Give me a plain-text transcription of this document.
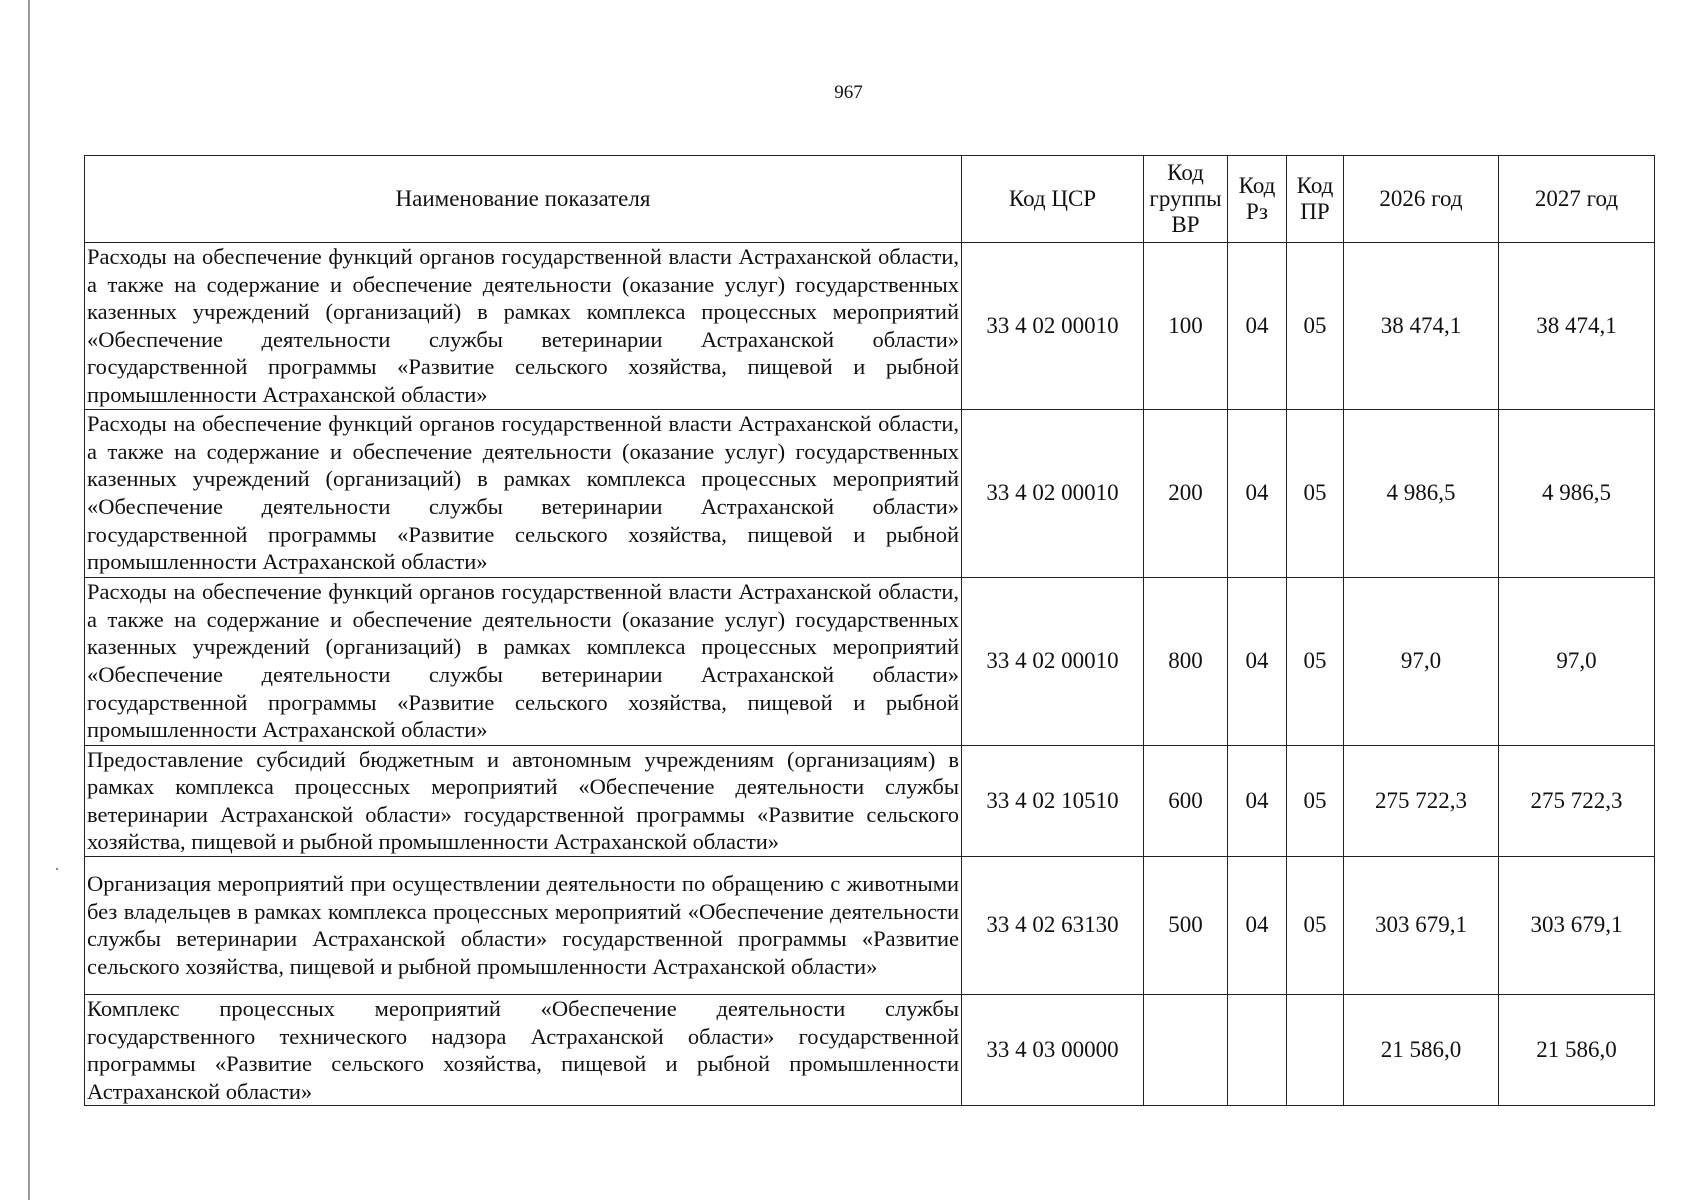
967
Наименование показателя	Код ЦСР	Код группы ВР	Код Рз	Код ПР	2026 год	2027 год
Расходы на обеспечение функций органов государственной власти Астраханской области, а также на содержание и обеспечение деятельности (оказание услуг) государственных казенных учреждений (организаций) в рамках комплекса процессных мероприятий «Обеспечение деятельности службы ветеринарии Астраханской области» государственной программы «Развитие сельского хозяйства, пищевой и рыбной промышленности Астраханской области»	33 4 02 00010	100	04	05	38 474,1	38 474,1
Расходы на обеспечение функций органов государственной власти Астраханской области, а также на содержание и обеспечение деятельности (оказание услуг) государственных казенных учреждений (организаций) в рамках комплекса процессных мероприятий «Обеспечение деятельности службы ветеринарии Астраханской области» государственной программы «Развитие сельского хозяйства, пищевой и рыбной промышленности Астраханской области»	33 4 02 00010	200	04	05	4 986,5	4 986,5
Расходы на обеспечение функций органов государственной власти Астраханской области, а также на содержание и обеспечение деятельности (оказание услуг) государственных казенных учреждений (организаций) в рамках комплекса процессных мероприятий «Обеспечение деятельности службы ветеринарии Астраханской области» государственной программы «Развитие сельского хозяйства, пищевой и рыбной промышленности Астраханской области»	33 4 02 00010	800	04	05	97,0	97,0
Предоставление субсидий бюджетным и автономным учреждениям (организациям) в рамках комплекса процессных мероприятий «Обеспечение деятельности службы ветеринарии Астраханской области» государственной программы «Развитие сельского хозяйства, пищевой и рыбной промышленности Астраханской области»	33 4 02 10510	600	04	05	275 722,3	275 722,3
Организация мероприятий при осуществлении деятельности по обращению с животными без владельцев в рамках комплекса процессных мероприятий «Обеспечение деятельности службы ветеринарии Астраханской области» государственной программы «Развитие сельского хозяйства, пищевой и рыбной промышленности Астраханской области»	33 4 02 63130	500	04	05	303 679,1	303 679,1
Комплекс процессных мероприятий «Обеспечение деятельности службы государственного технического надзора Астраханской области» государственной программы «Развитие сельского хозяйства, пищевой и рыбной промышленности Астраханской области»	33 4 03 00000				21 586,0	21 586,0
